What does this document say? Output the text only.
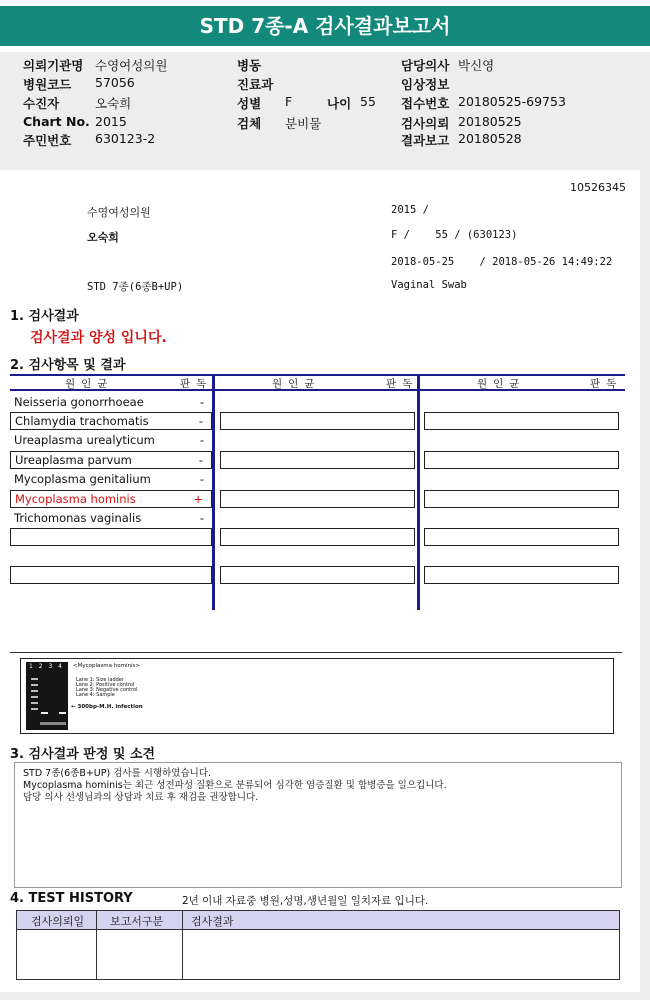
STD 7종-A 검사결과보고서
의뢰기관명 수영여성의원
병원코드 57056
수진자	오숙희
Chart No. 2015
주민번호 630123-2
병동
진료과
성별 F	나이 55
검체 분비물
담당의사 박신영
임상정보
접수번호 20180525-69753
검사의뢰 20180525
결과보고 20180528
10526345
수영여성의원	2015 /
오숙희	F /    55 / (630123)
2018-05-25    / 2018-05-26 14:49:22
STD 7종(6종B+UP)	Vaginal Swab
1. 검사결과
검사결과 양성 입니다.
2. 검사항목 및 결과
원인균	판독	원인균	판독	원인균	판독
Neisseria gonorrhoeae	-
Chlamydia trachomatis	-
Ureaplasma urealyticum	-
Ureaplasma parvum	-
Mycoplasma genitalium	-
Mycoplasma hominis	+
Trichomonas vaginalis	-
1 2 3 4 <Mycoplasma hominis>
Lane 1: Size ladder
Lane 2: Positive control
Lane 3: Negative control
Lane 4: Sample
← 300bp-M.H. infection
3. 검사결과 판정 및 소견
STD 7종(6종B+UP) 검사를 시행하였습니다.
Mycoplasma hominis는 최근 성전파성 질환으로 분류되어 심각한 염증질환 및 합병증을 일으킵니다.
담당 의사 선생님과의 상담과 치료 후 재검을 권장합니다.
4. TEST HISTORY	2년 이내 자료중 병원,성명,생년월일 일치자료 입니다.
검사의뢰일 보고서구분	검사결과
